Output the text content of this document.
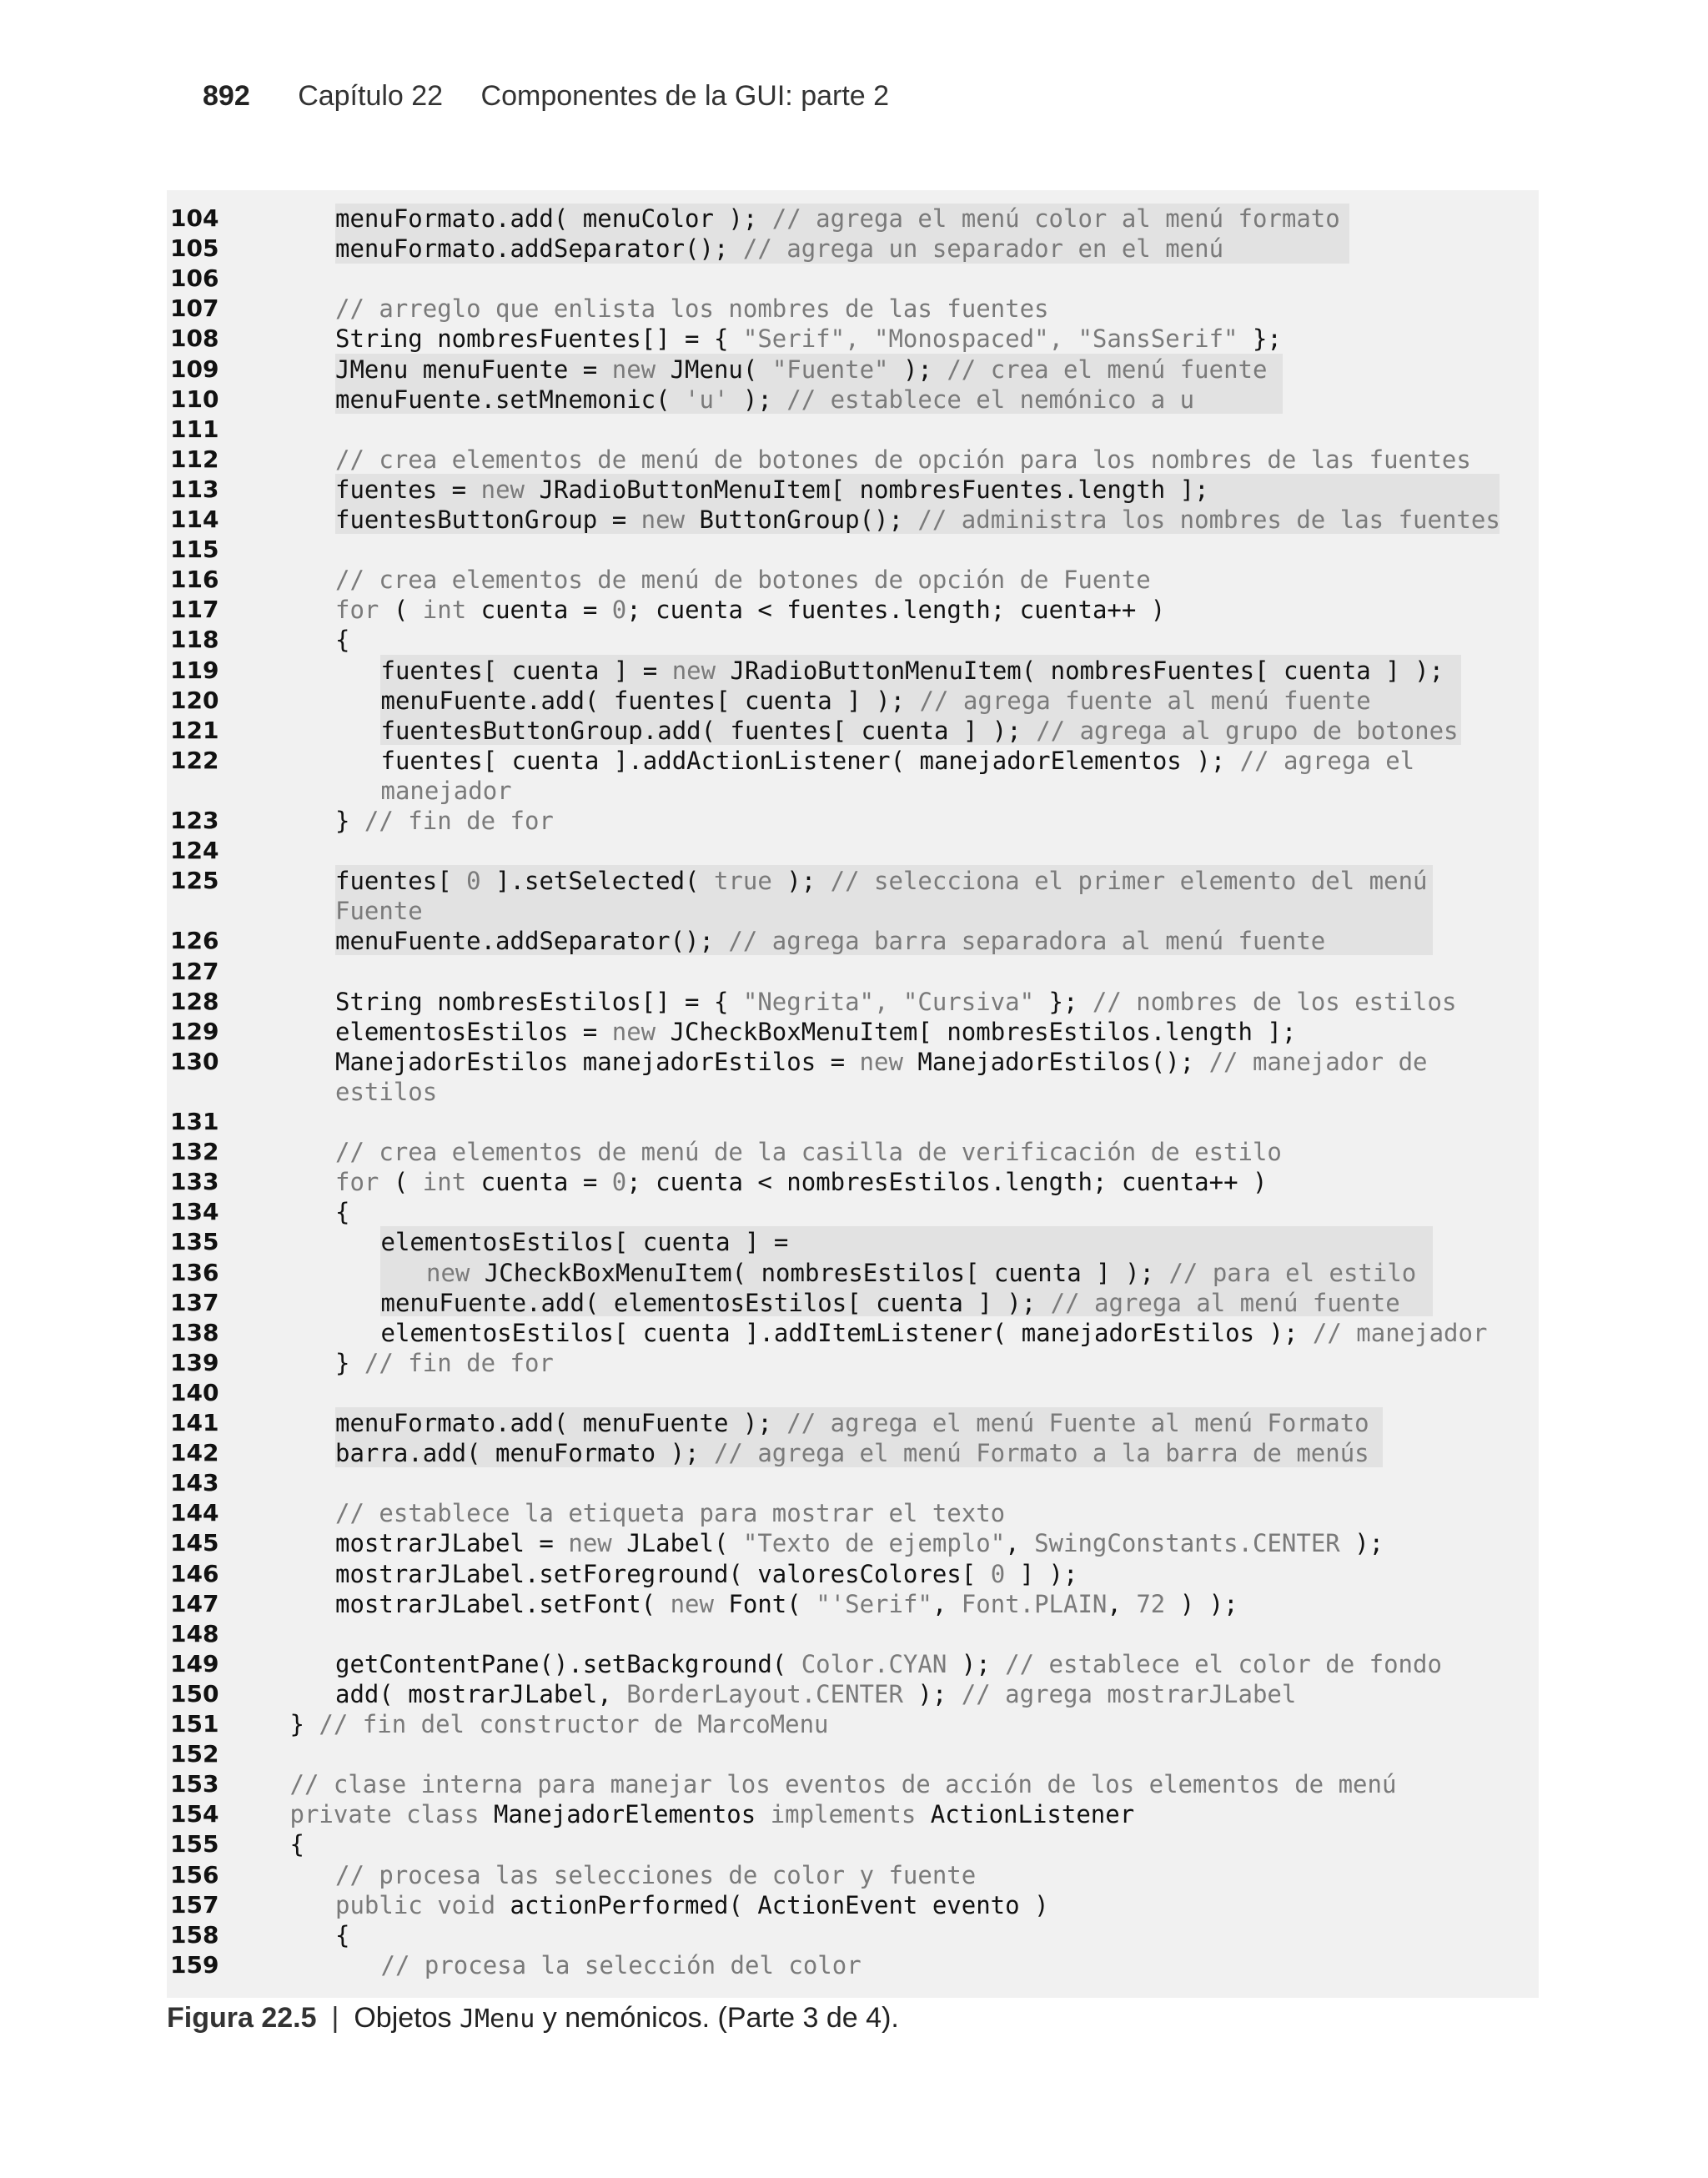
892 Capítulo 22 Componentes de la GUI: parte 2
104	menuFormato.add( menuColor ); // agrega el menú color al menú formato
105	menuFormato.addSeparator(); // agrega un separador en el menú
106
107	// arreglo que enlista los nombres de las fuentes
108	String nombresFuentes[] = { "Serif", "Monospaced", "SansSerif" };
109	JMenu menuFuente = new JMenu( "Fuente" ); // crea el menú fuente
110	menuFuente.setMnemonic( 'u' ); // establece el nemónico a u
111
112	// crea elementos de menú de botones de opción para los nombres de las fuentes
113	fuentes = new JRadioButtonMenuItem[ nombresFuentes.length ];
114	fuentesButtonGroup = new ButtonGroup(); // administra los nombres de las fuentes
115
116	// crea elementos de menú de botones de opción de Fuente
117	for ( int cuenta = 0; cuenta < fuentes.length; cuenta++ )
118	{
119	fuentes[ cuenta ] = new JRadioButtonMenuItem( nombresFuentes[ cuenta ] );
120	menuFuente.add( fuentes[ cuenta ] ); // agrega fuente al menú fuente
121	fuentesButtonGroup.add( fuentes[ cuenta ] ); // agrega al grupo de botones
122	fuentes[ cuenta ].addActionListener( manejadorElementos ); // agrega el
manejador
123	} // fin de for
124
125	fuentes[ 0 ].setSelected( true ); // selecciona el primer elemento del menú
Fuente
126	menuFuente.addSeparator(); // agrega barra separadora al menú fuente
127
128	String nombresEstilos[] = { "Negrita", "Cursiva" }; // nombres de los estilos
129	elementosEstilos = new JCheckBoxMenuItem[ nombresEstilos.length ];
130	ManejadorEstilos manejadorEstilos = new ManejadorEstilos(); // manejador de
estilos
131
132	// crea elementos de menú de la casilla de verificación de estilo
133	for ( int cuenta = 0; cuenta < nombresEstilos.length; cuenta++ )
134	{
135	elementosEstilos[ cuenta ] =
136	new JCheckBoxMenuItem( nombresEstilos[ cuenta ] ); // para el estilo
137	menuFuente.add( elementosEstilos[ cuenta ] ); // agrega al menú fuente
138	elementosEstilos[ cuenta ].addItemListener( manejadorEstilos ); // manejador
139	} // fin de for
140
141	menuFormato.add( menuFuente ); // agrega el menú Fuente al menú Formato
142	barra.add( menuFormato ); // agrega el menú Formato a la barra de menús
143
144	// establece la etiqueta para mostrar el texto
145	mostrarJLabel = new JLabel( "Texto de ejemplo", SwingConstants.CENTER );
146	mostrarJLabel.setForeground( valoresColores[ 0 ] );
147	mostrarJLabel.setFont( new Font( "'Serif", Font.PLAIN, 72 ) );
148
149	getContentPane().setBackground( Color.CYAN ); // establece el color de fondo
150	add( mostrarJLabel, BorderLayout.CENTER ); // agrega mostrarJLabel
151	} // fin del constructor de MarcoMenu
152
153	// clase interna para manejar los eventos de acción de los elementos de menú
154	private class ManejadorElementos implements ActionListener
155	{
156	// procesa las selecciones de color y fuente
157	public void actionPerformed( ActionEvent evento )
158	{
159	// procesa la selección del color
Figura 22.5 | Objetos JMenu y nemónicos. (Parte 3 de 4).
